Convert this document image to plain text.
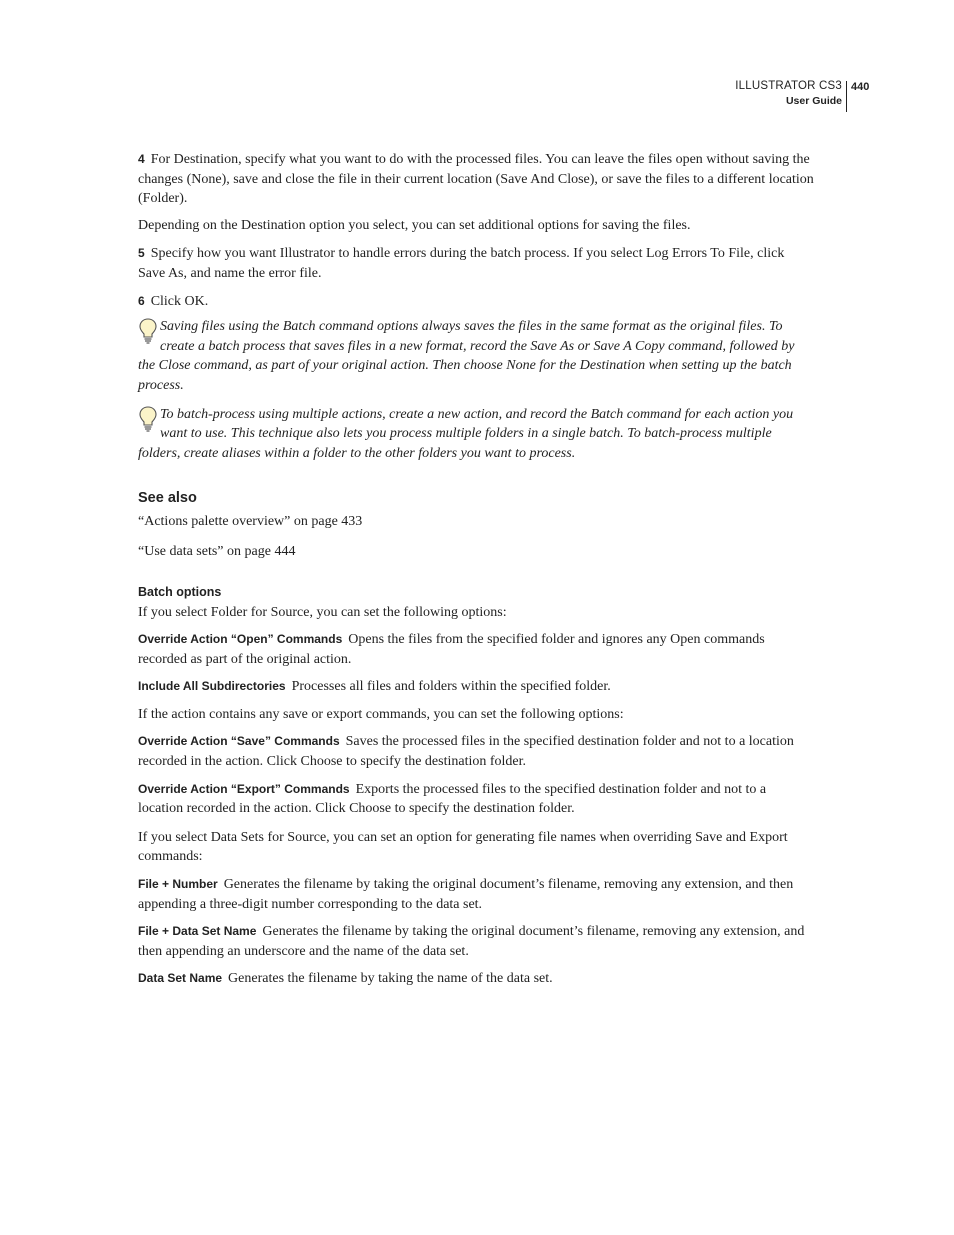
ILLUSTRATOR CS3
User Guide
440

4 For Destination, specify what you want to do with the processed files. You can leave the files open without saving the changes (None), save and close the file in their current location (Save And Close), or save the files to a different location (Folder).

Depending on the Destination option you select, you can set additional options for saving the files.

5 Specify how you want Illustrator to handle errors during the batch process. If you select Log Errors To File, click Save As, and name the error file.

6 Click OK.

Saving files using the Batch command options always saves the files in the same format as the original files. To create a batch process that saves files in a new format, record the Save As or Save A Copy command, followed by the Close command, as part of your original action. Then choose None for the Destination when setting up the batch process.

To batch-process using multiple actions, create a new action, and record the Batch command for each action you want to use. This technique also lets you process multiple folders in a single batch. To batch-process multiple folders, create aliases within a folder to the other folders you want to process.

See also

“Actions palette overview” on page 433

“Use data sets” on page 444

Batch options

If you select Folder for Source, you can set the following options:

Override Action “Open” Commands Opens the files from the specified folder and ignores any Open commands recorded as part of the original action.

Include All Subdirectories Processes all files and folders within the specified folder.

If the action contains any save or export commands, you can set the following options:

Override Action “Save” Commands Saves the processed files in the specified destination folder and not to a location recorded in the action. Click Choose to specify the destination folder.

Override Action “Export” Commands Exports the processed files to the specified destination folder and not to a location recorded in the action. Click Choose to specify the destination folder.

If you select Data Sets for Source, you can set an option for generating file names when overriding Save and Export commands:

File + Number Generates the filename by taking the original document’s filename, removing any extension, and then appending a three-digit number corresponding to the data set.

File + Data Set Name Generates the filename by taking the original document’s filename, removing any extension, and then appending an underscore and the name of the data set.

Data Set Name Generates the filename by taking the name of the data set.
